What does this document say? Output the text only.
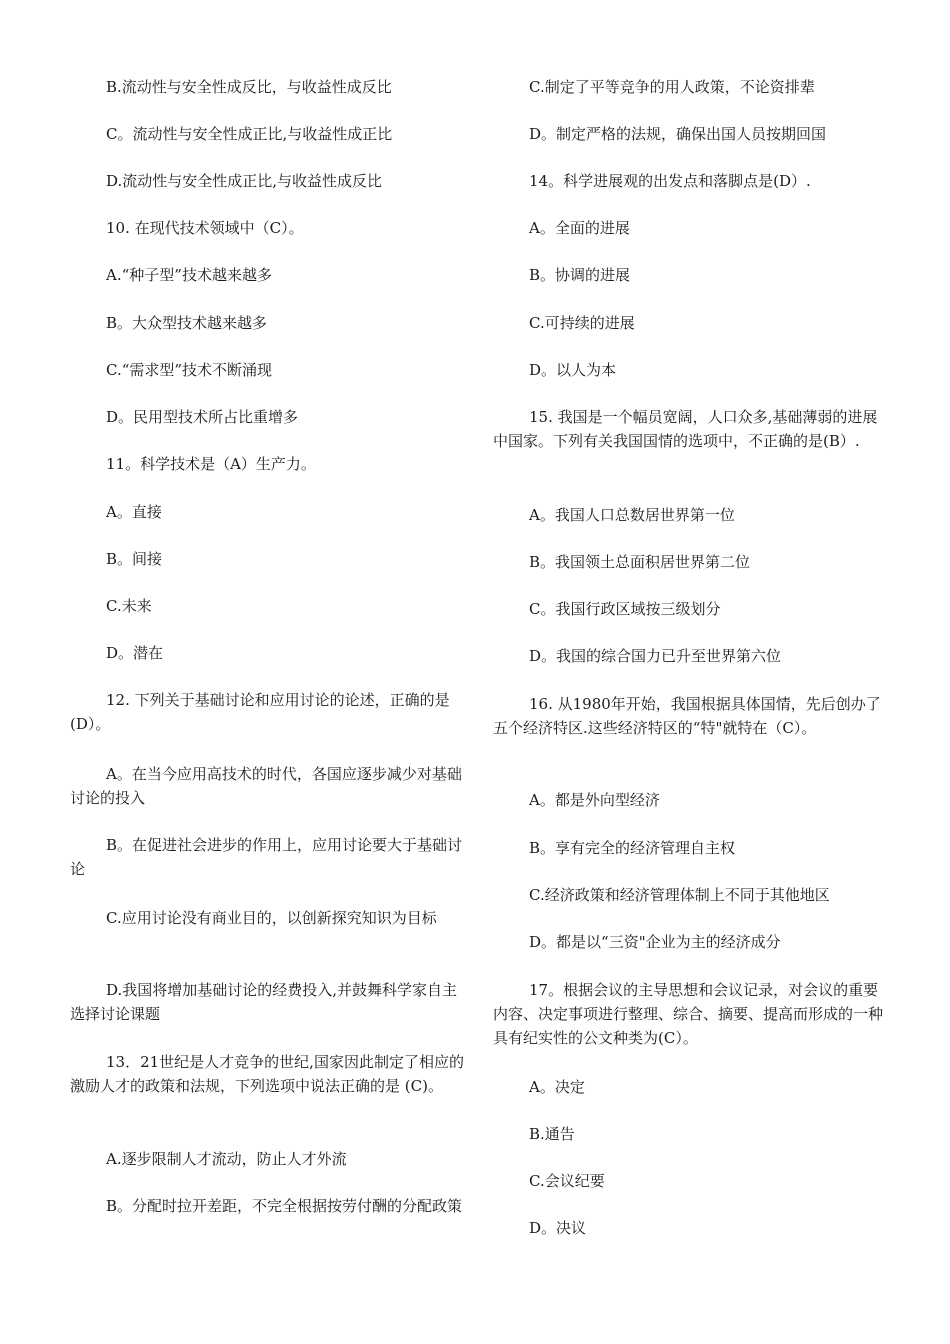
B.流动性与安全性成反比，与收益性成反比

C。流动性与安全性成正比,与收益性成正比

D.流动性与安全性成正比,与收益性成反比

10. 在现代技术领域中（C）。

A.“种子型”技术越来越多

B。大众型技术越来越多

C.“需求型”技术不断涌现

D。民用型技术所占比重增多

11。科学技术是（A）生产力。

A。直接

B。间接

C.未来

D。潜在

12. 下列关于基础讨论和应用讨论的论述，正确的是(D）。

A。在当今应用高技术的时代，各国应逐步减少对基础讨论的投入

B。在促进社会进步的作用上，应用讨论要大于基础讨论

C.应用讨论没有商业目的，以创新探究知识为目标

D.我国将增加基础讨论的经费投入,并鼓舞科学家自主选择讨论课题

13．21世纪是人才竞争的世纪,国家因此制定了相应的激励人才的政策和法规，下列选项中说法正确的是 (C)。

A.逐步限制人才流动，防止人才外流

B。分配时拉开差距，不完全根据按劳付酬的分配政策

C.制定了平等竞争的用人政策，不论资排辈

D。制定严格的法规，确保出国人员按期回国

14。科学进展观的出发点和落脚点是(D）.

A。全面的进展

B。协调的进展

C.可持续的进展

D。以人为本

15. 我国是一个幅员宽阔，人口众多,基础薄弱的进展中国家。下列有关我国国情的选项中，不正确的是(B）.

A。我国人口总数居世界第一位

B。我国领土总面积居世界第二位

C。我国行政区域按三级划分

D。我国的综合国力已升至世界第六位

16. 从1980年开始，我国根据具体国情，先后创办了五个经济特区.这些经济特区的“特"就特在（C）。

A。都是外向型经济

B。享有完全的经济管理自主权

C.经济政策和经济管理体制上不同于其他地区

D。都是以“三资"企业为主的经济成分

17。根据会议的主导思想和会议记录，对会议的重要内容、决定事项进行整理、综合、摘要、提高而形成的一种具有纪实性的公文种类为(C）。

A。决定

B.通告

C.会议纪要

D。决议
